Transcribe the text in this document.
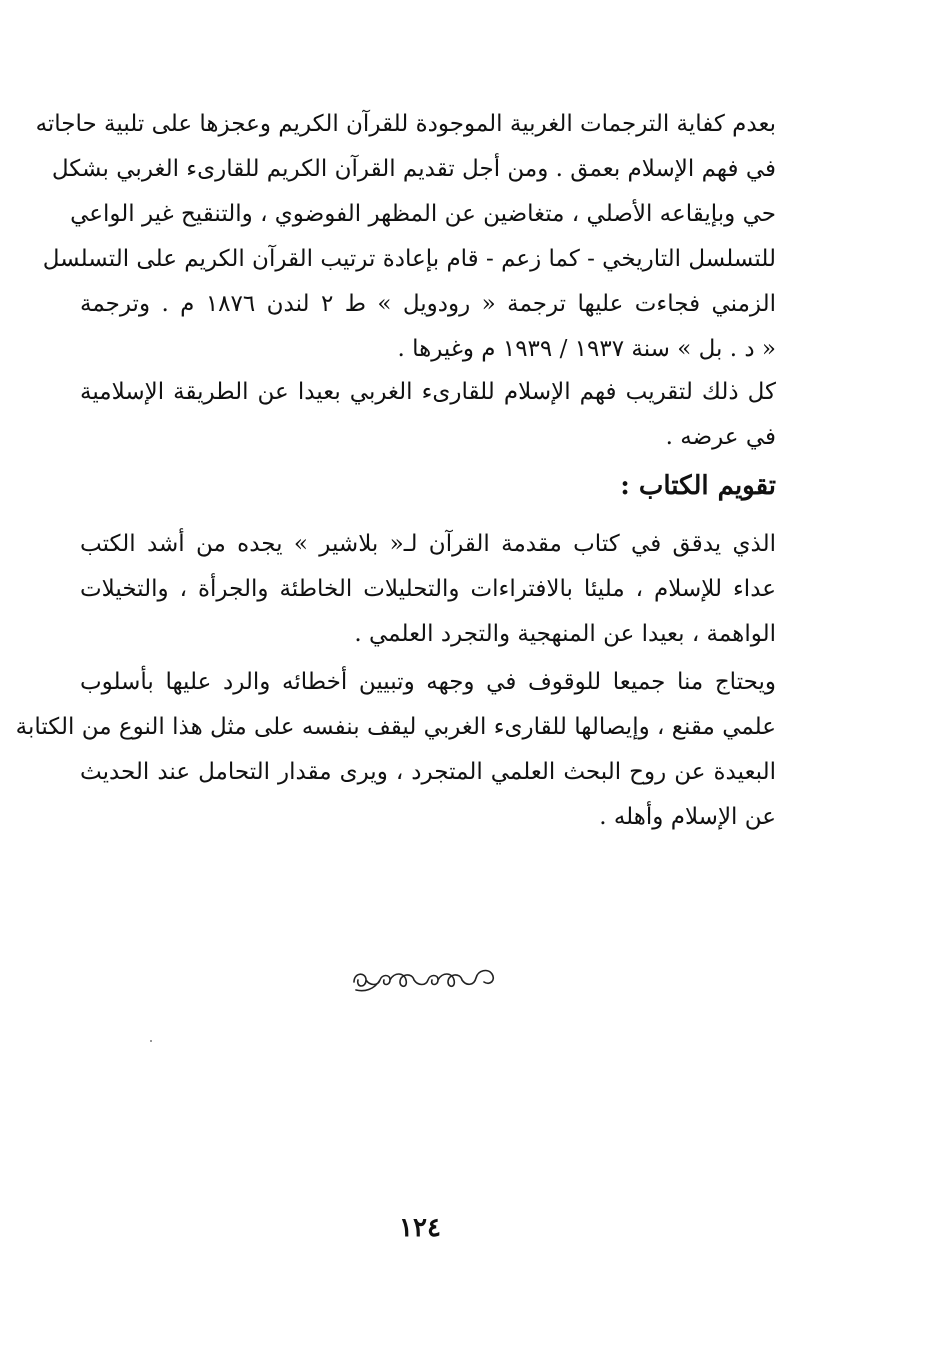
بعدم كفاية الترجمات الغربية الموجودة للقرآن الكريم وعجزها على تلبية حاجاته
في فهم الإسلام بعمق . ومن أجل تقديم القرآن الكريم للقارىء الغربي بشكل
حي وبإيقاعه الأصلي ، متغاضين عن المظهر الفوضوي ، والتنقيح غير الواعي
للتسلسل التاريخي - كما زعم - قام بإعادة ترتيب القرآن الكريم على التسلسل
الزمني فجاءت عليها ترجمة « رودويل » ط ٢ لندن ١٨٧٦ م . وترجمة
« د . بل » سنة ١٩٣٧ / ١٩٣٩ م وغيرها .
كل ذلك لتقريب فهم الإسلام للقارىء الغربي بعيدا عن الطريقة الإسلامية
في عرضه .
تقويم الكتاب :
الذي يدقق في كتاب مقدمة القرآن لـ« بلاشير » يجده من أشد الكتب
عداء للإسلام ، مليئا بالافتراءات والتحليلات الخاطئة والجرأة ، والتخيلات
الواهمة ، بعيدا عن المنهجية والتجرد العلمي .
ويحتاج منا جميعا للوقوف في وجهه وتبيين أخطائه والرد عليها بأسلوب
علمي مقنع ، وإيصالها للقارىء الغربي ليقف بنفسه على مثل هذا النوع من الكتابة
البعيدة عن روح البحث العلمي المتجرد ، ويرى مقدار التحامل عند الحديث
عن الإسلام وأهله .
١٢٤
